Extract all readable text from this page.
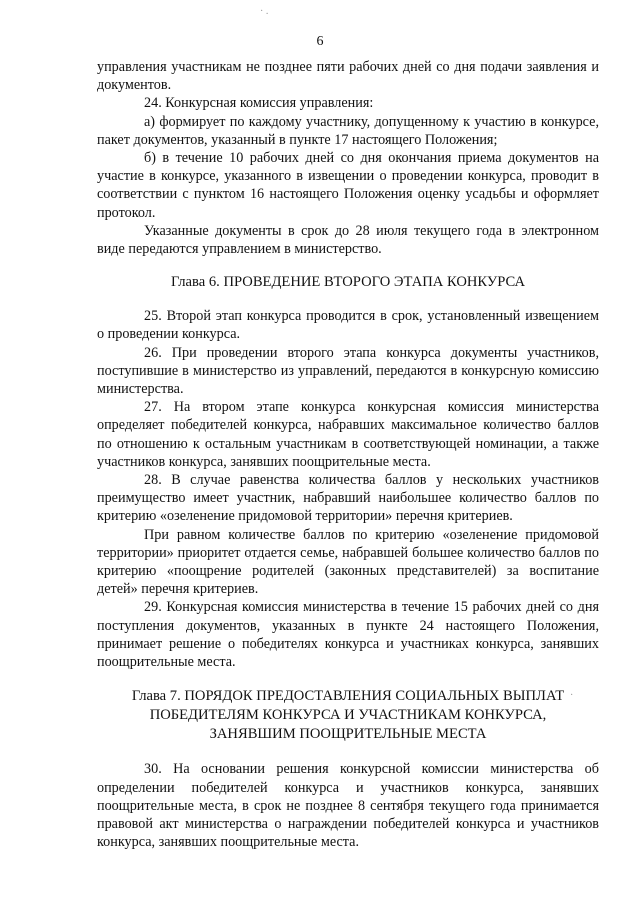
6

управления участникам не позднее пяти рабочих дней со дня подачи заявления и документов.

24. Конкурсная комиссия управления:

а) формирует по каждому участнику, допущенному к участию в конкурсе, пакет документов, указанный в пункте 17 настоящего Положения;

б) в течение 10 рабочих дней со дня окончания приема документов на участие в конкурсе, указанного в извещении о проведении конкурса, проводит в соответствии с пунктом 16 настоящего Положения оценку усадьбы и оформляет протокол.

Указанные документы в срок до 28 июля текущего года в электронном виде передаются управлением в министерство.

Глава 6. ПРОВЕДЕНИЕ ВТОРОГО ЭТАПА КОНКУРСА

25. Второй этап конкурса проводится в срок, установленный извещением о проведении конкурса.

26. При проведении второго этапа конкурса документы участников, поступившие в министерство из управлений, передаются в конкурсную комиссию министерства.

27. На втором этапе конкурса конкурсная комиссия министерства определяет победителей конкурса, набравших максимальное количество баллов по отношению к остальным участникам в соответствующей номинации, а также участников конкурса, занявших поощрительные места.

28. В случае равенства количества баллов у нескольких участников преимущество имеет участник, набравший наибольшее количество баллов по критерию «озеленение придомовой территории» перечня критериев.

При равном количестве баллов по критерию «озеленение придомовой территории» приоритет отдается семье, набравшей большее количество баллов по критерию «поощрение родителей (законных представителей) за воспитание детей» перечня критериев.

29. Конкурсная комиссия министерства в течение 15 рабочих дней со дня поступления документов, указанных в пункте 24 настоящего Положения, принимает решение о победителях конкурса и участниках конкурса, занявших поощрительные места.

Глава 7. ПОРЯДОК ПРЕДОСТАВЛЕНИЯ СОЦИАЛЬНЫХ ВЫПЛАТ
ПОБЕДИТЕЛЯМ КОНКУРСА И УЧАСТНИКАМ КОНКУРСА,
ЗАНЯВШИМ ПООЩРИТЕЛЬНЫЕ МЕСТА

30. На основании решения конкурсной комиссии министерства об определении победителей конкурса и участников конкурса, занявших поощрительные места, в срок не позднее 8 сентября текущего года принимается правовой акт министерства о награждении победителей конкурса и участников конкурса, занявших поощрительные места.

· .
·
